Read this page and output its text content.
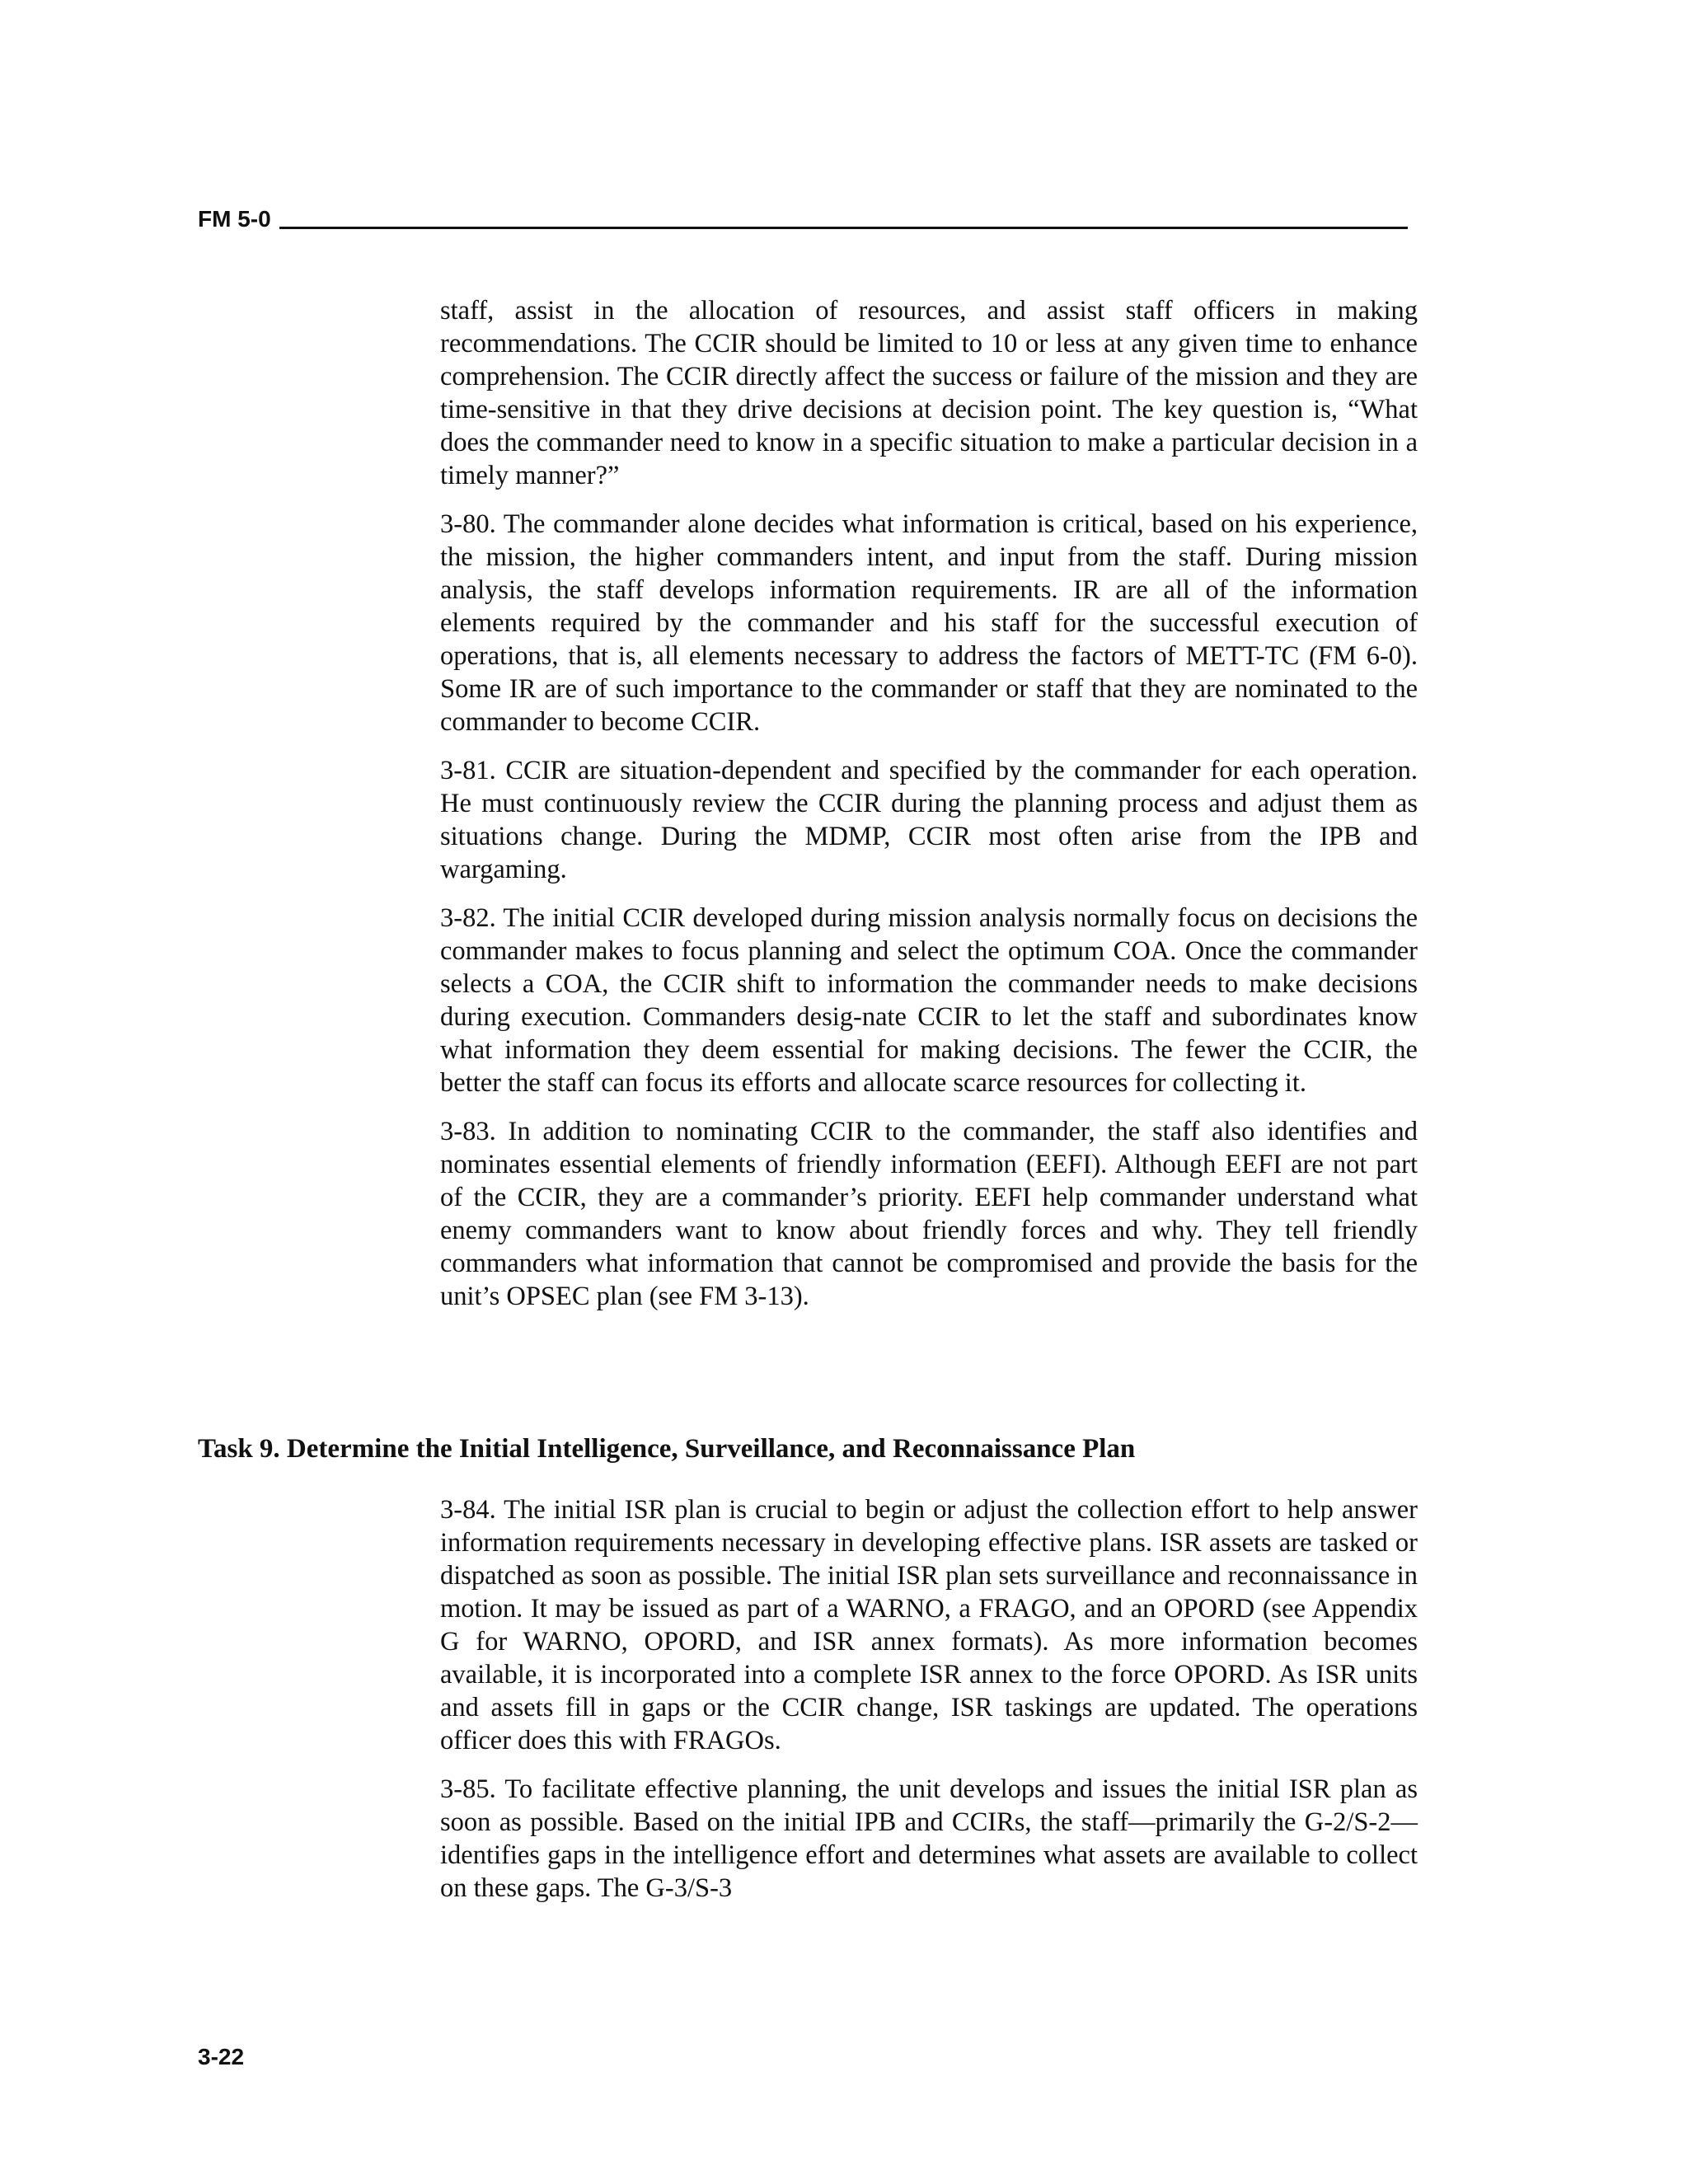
FM 5-0

staff, assist in the allocation of resources, and assist staff officers in making recommendations. The CCIR should be limited to 10 or less at any given time to enhance comprehension. The CCIR directly affect the success or failure of the mission and they are time-sensitive in that they drive decisions at decision point. The key question is, “What does the commander need to know in a specific situation to make a particular decision in a timely manner?”

3-80. The commander alone decides what information is critical, based on his experience, the mission, the higher commanders intent, and input from the staff. During mission analysis, the staff develops information requirements. IR are all of the information elements required by the commander and his staff for the successful execution of operations, that is, all elements necessary to address the factors of METT-TC (FM 6-0). Some IR are of such importance to the commander or staff that they are nominated to the commander to become CCIR.

3-81. CCIR are situation-dependent and specified by the commander for each operation. He must continuously review the CCIR during the planning process and adjust them as situations change. During the MDMP, CCIR most often arise from the IPB and wargaming.

3-82. The initial CCIR developed during mission analysis normally focus on decisions the commander makes to focus planning and select the optimum COA. Once the commander selects a COA, the CCIR shift to information the commander needs to make decisions during execution. Commanders desig-nate CCIR to let the staff and subordinates know what information they deem essential for making decisions. The fewer the CCIR, the better the staff can focus its efforts and allocate scarce resources for collecting it.

3-83. In addition to nominating CCIR to the commander, the staff also identifies and nominates essential elements of friendly information (EEFI). Although EEFI are not part of the CCIR, they are a commander’s priority. EEFI help commander understand what enemy commanders want to know about friendly forces and why. They tell friendly commanders what information that cannot be compromised and provide the basis for the unit’s OPSEC plan (see FM 3-13).

Task 9. Determine the Initial Intelligence, Surveillance, and Reconnaissance Plan

3-84. The initial ISR plan is crucial to begin or adjust the collection effort to help answer information requirements necessary in developing effective plans. ISR assets are tasked or dispatched as soon as possible. The initial ISR plan sets surveillance and reconnaissance in motion. It may be issued as part of a WARNO, a FRAGO, and an OPORD (see Appendix G for WARNO, OPORD, and ISR annex formats). As more information becomes available, it is incorporated into a complete ISR annex to the force OPORD. As ISR units and assets fill in gaps or the CCIR change, ISR taskings are updated. The operations officer does this with FRAGOs.

3-85. To facilitate effective planning, the unit develops and issues the initial ISR plan as soon as possible. Based on the initial IPB and CCIRs, the staff—primarily the G-2/S-2—identifies gaps in the intelligence effort and determines what assets are available to collect on these gaps. The G-3/S-3

3-22
